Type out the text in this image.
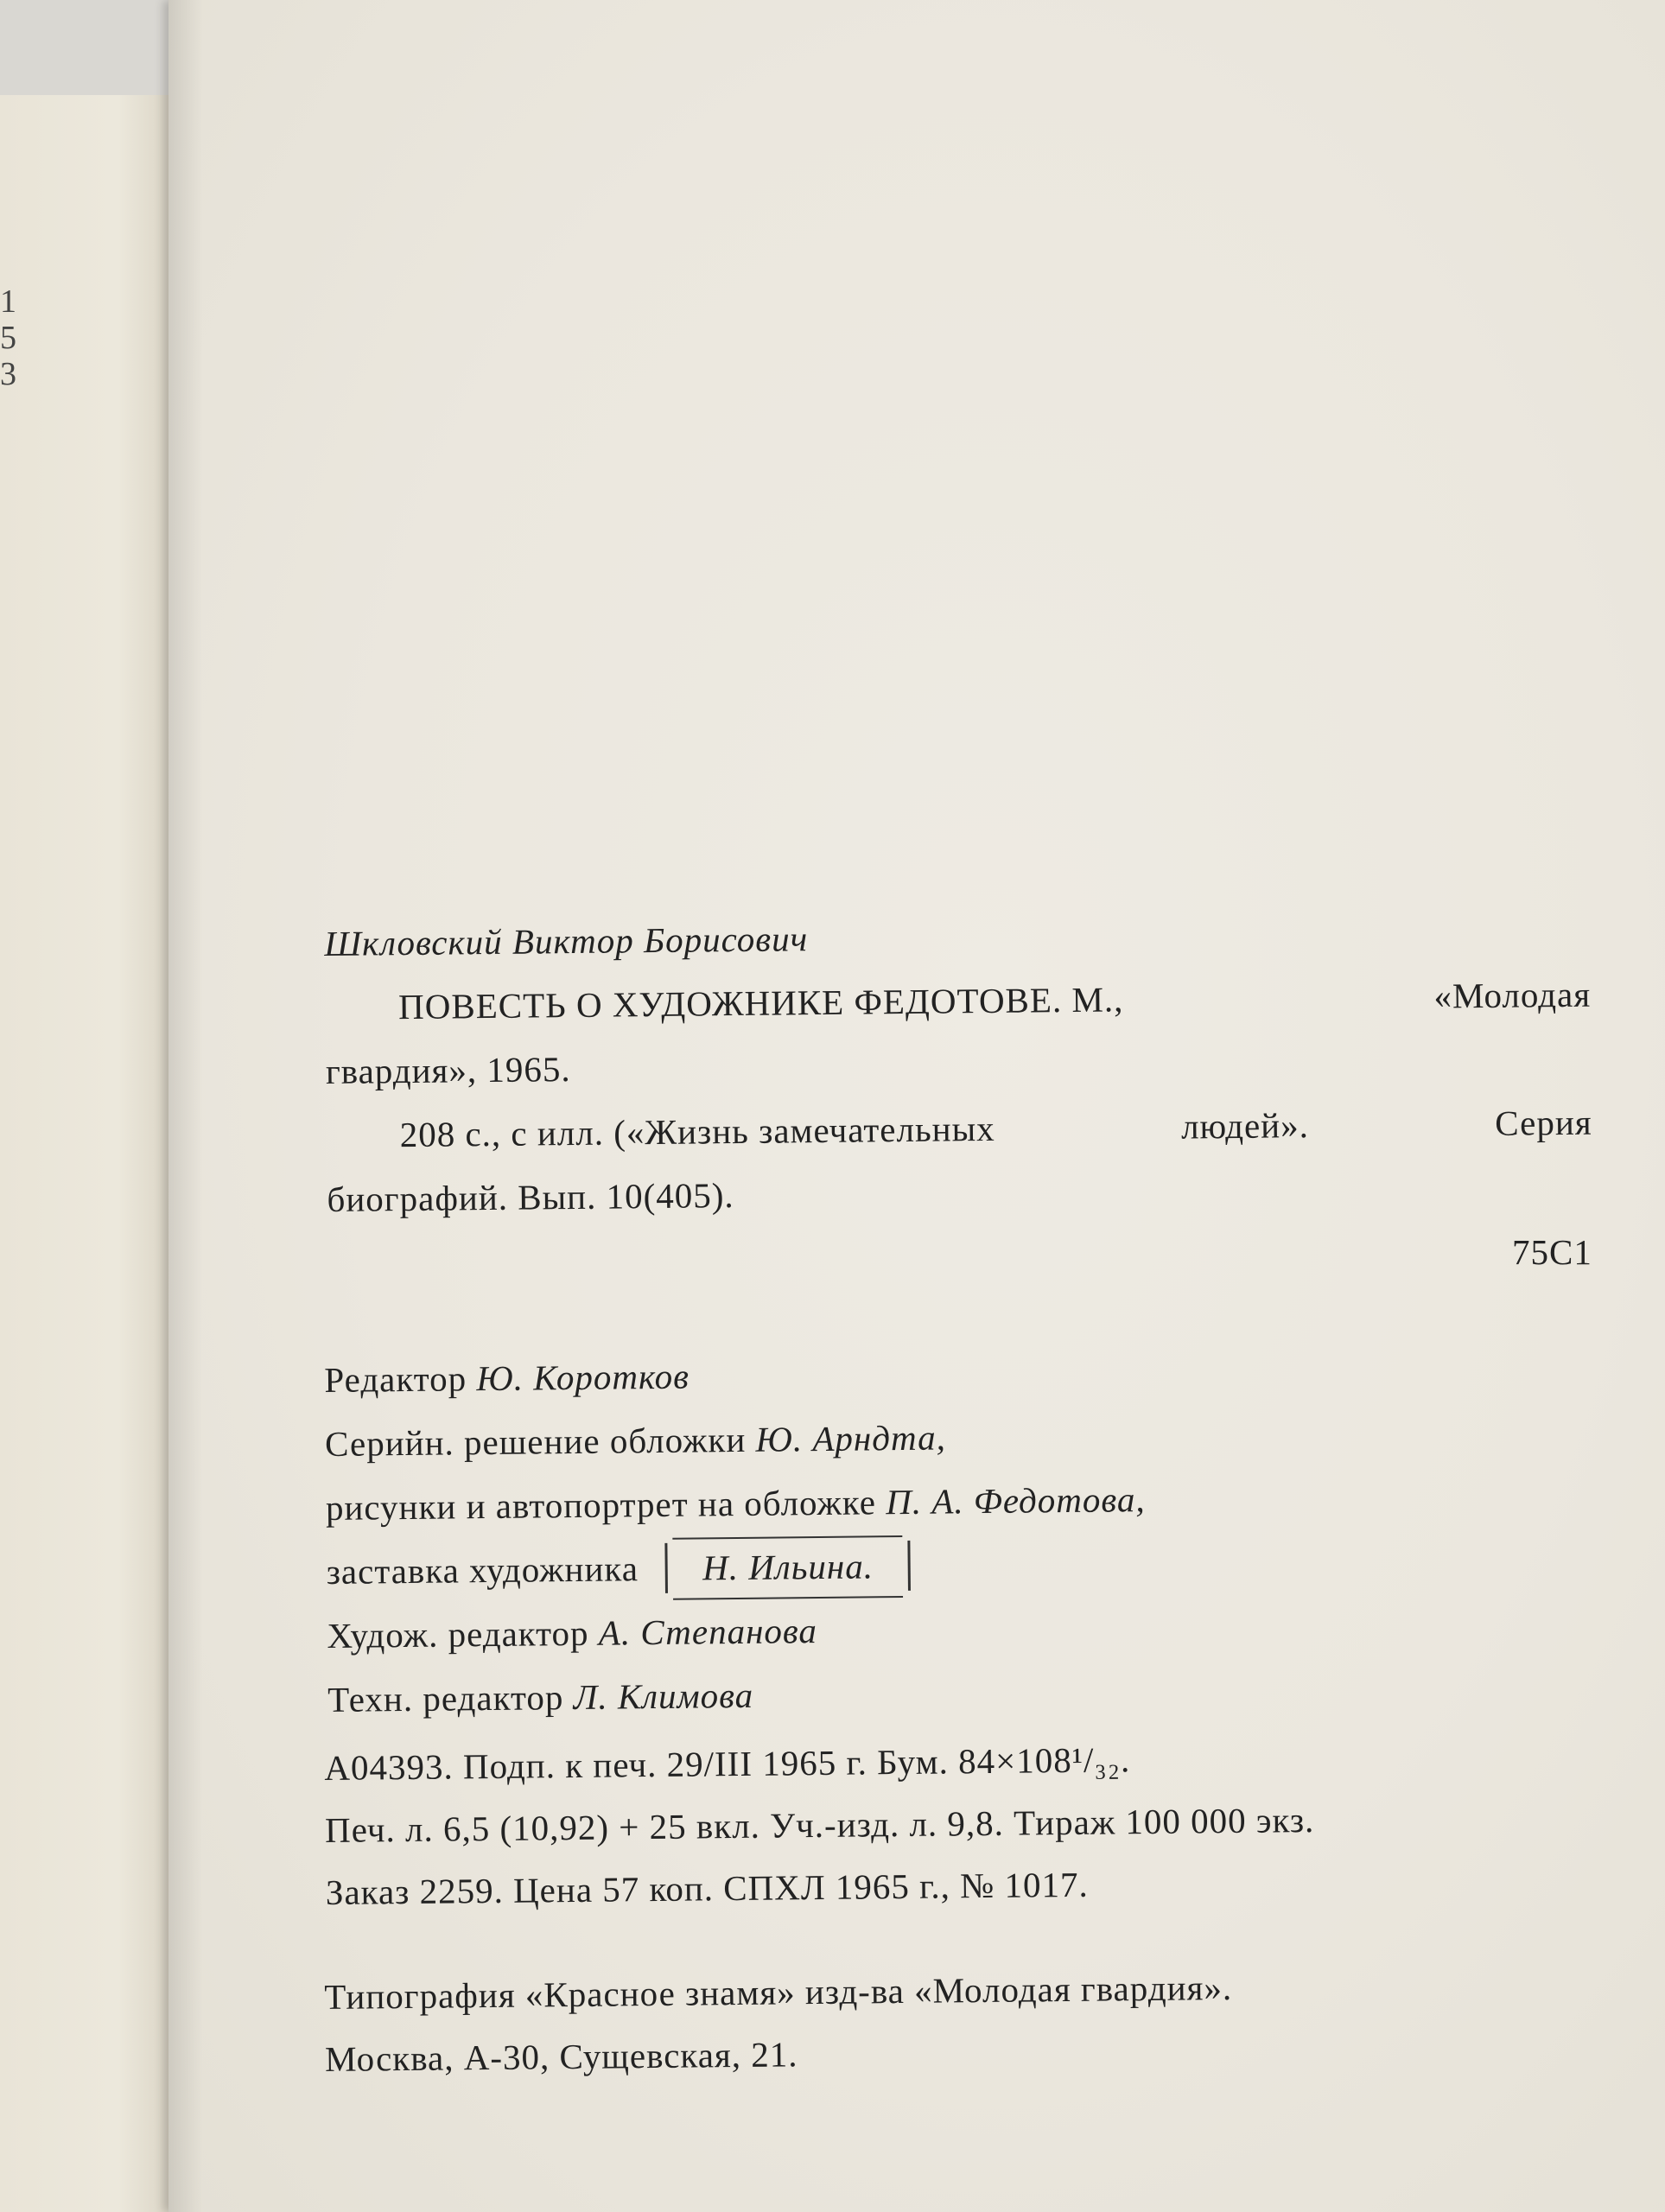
1
5
3
Шкловский Виктор Борисович
ПОВЕСТЬ О ХУДОЖНИКЕ ФЕДОТОВЕ. М.,	«Молодая
гвардия», 1965.
208 с., с илл. («Жизнь замечательных	людей».	Серия
биографий. Вып. 10(405).
75С1
Редактор Ю. Коротков
Серийн. решение обложки Ю. Арндта,
рисунки и автопортрет на обложке П. А. Федотова,
заставка художника Н. Ильина.
Худож. редактор А. Степанова
Техн. редактор Л. Климова
А04393. Подп. к печ. 29/III 1965 г. Бум. 84×108¹/₃₂.
Печ. л. 6,5 (10,92) + 25 вкл. Уч.-изд. л. 9,8. Тираж 100 000 экз.
Заказ 2259. Цена 57 коп. СПХЛ 1965 г., № 1017.
Типография «Красное знамя» изд-ва «Молодая гвардия».
Москва, А-30, Сущевская, 21.
